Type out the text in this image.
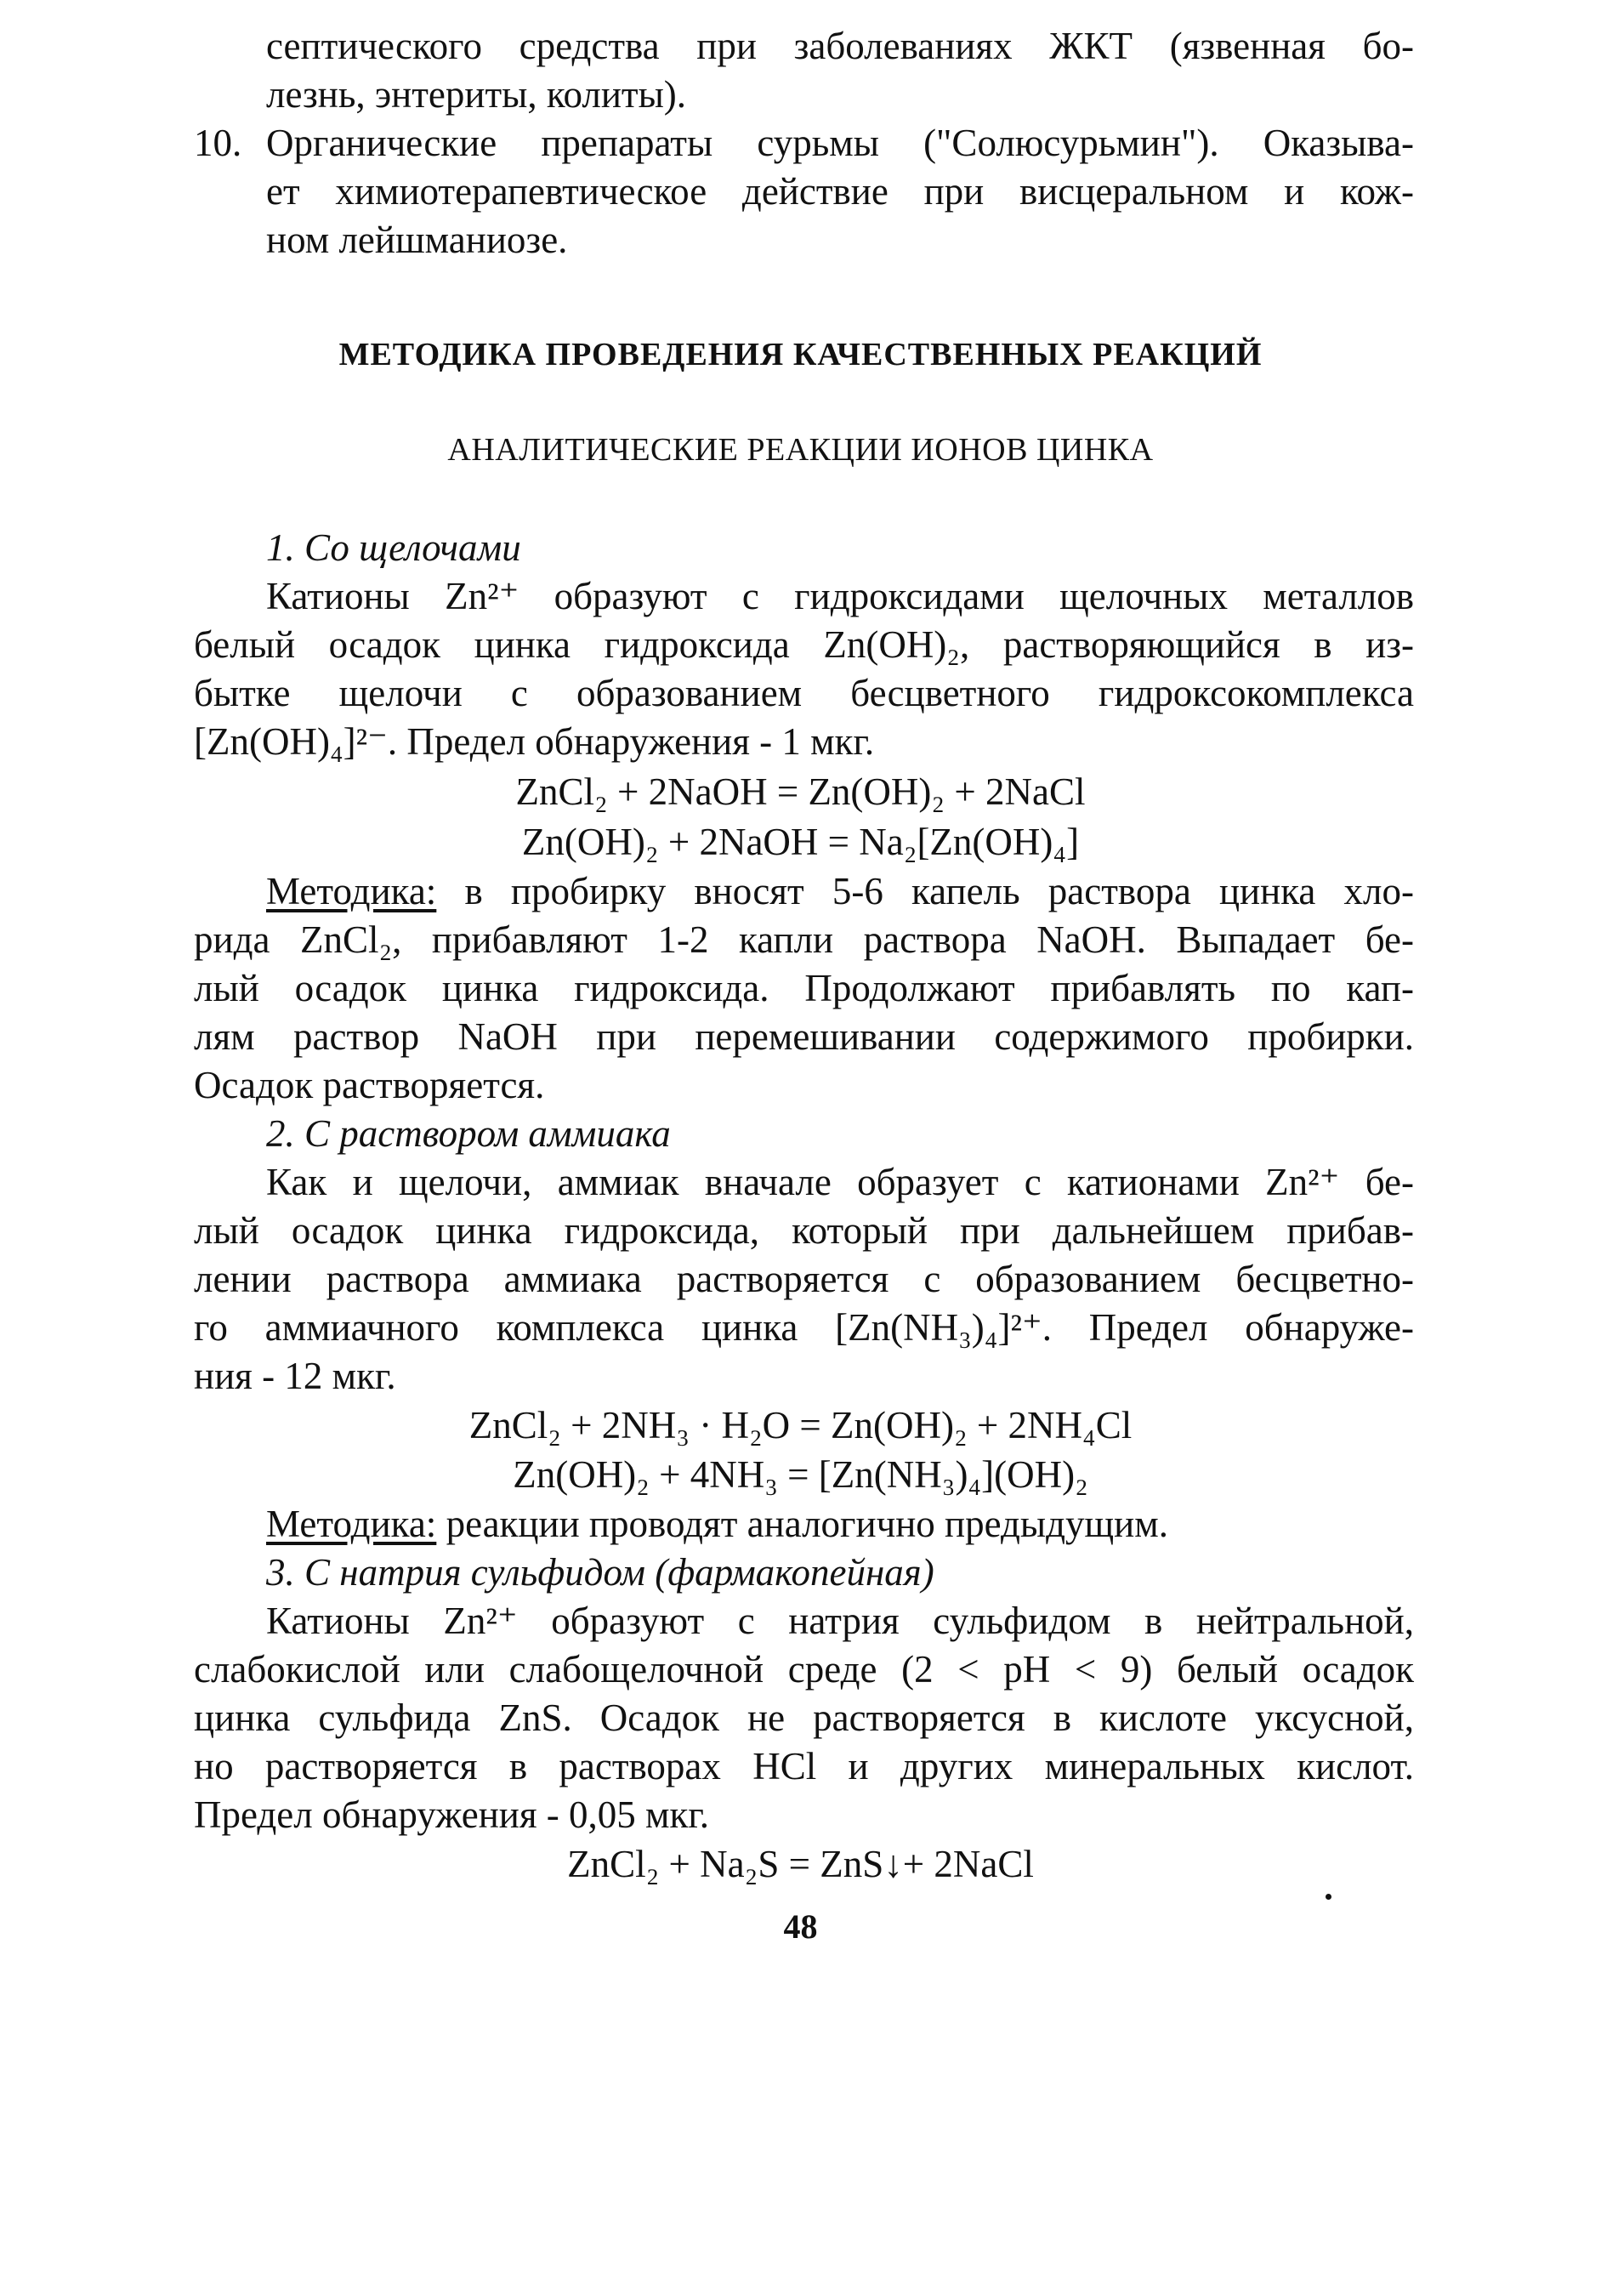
септического средства при заболеваниях ЖКТ (язвенная бо-
лезнь, энтериты, колиты).
10. Органические препараты сурьмы ("Солюсурьмин"). Оказыва-
ет химиотерапевтическое действие при висцеральном и кож-
ном лейшманиозе.
МЕТОДИКА ПРОВЕДЕНИЯ КАЧЕСТВЕННЫХ РЕАКЦИЙ
АНАЛИТИЧЕСКИЕ РЕАКЦИИ ИОНОВ ЦИНКА
1. Со щелочами
Катионы Zn²⁺ образуют с гидроксидами щелочных металлов
белый осадок цинка гидроксида Zn(OH)₂, растворяющийся в из-
бытке щелочи с образованием бесцветного гидроксокомплекса
[Zn(OH)₄]²⁻. Предел обнаружения - 1 мкг.
ZnCl₂ + 2NaOH = Zn(OH)₂ + 2NaCl
Zn(OH)₂ + 2NaOH = Na₂[Zn(OH)₄]
Методика: в пробирку вносят 5-6 капель раствора цинка хло-
рида ZnCl₂, прибавляют 1-2 капли раствора NaOH. Выпадает бе-
лый осадок цинка гидроксида. Продолжают прибавлять по кап-
лям раствор NaOH при перемешивании содержимого пробирки.
Осадок растворяется.
2. С раствором аммиака
Как и щелочи, аммиак вначале образует с катионами Zn²⁺ бе-
лый осадок цинка гидроксида, который при дальнейшем прибав-
лении раствора аммиака растворяется с образованием бесцветно-
го аммиачного комплекса цинка [Zn(NH₃)₄]²⁺. Предел обнаруже-
ния - 12 мкг.
ZnCl₂ + 2NH₃ · H₂O = Zn(OH)₂ + 2NH₄Cl
Zn(OH)₂ + 4NH₃ = [Zn(NH₃)₄](OH)₂
Методика: реакции проводят аналогично предыдущим.
3. С натрия сульфидом (фармакопейная)
Катионы Zn²⁺ образуют с натрия сульфидом в нейтральной,
слабокислой или слабощелочной среде (2 < pH < 9) белый осадок
цинка сульфида ZnS. Осадок не растворяется в кислоте уксусной,
но растворяется в растворах HCl и других минеральных кислот.
Предел обнаружения - 0,05 мкг.
ZnCl₂ + Na₂S = ZnS↓+ 2NaCl
48
